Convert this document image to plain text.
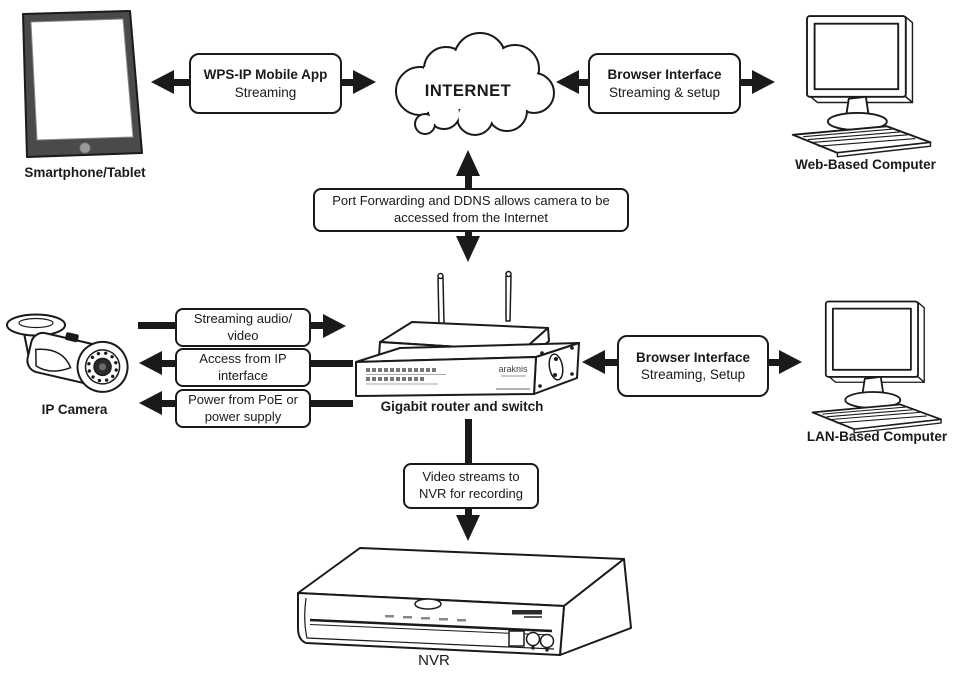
INTERNET
araknis
WPS-IP Mobile App
Streaming
Browser Interface
Streaming & setup
Port Forwarding and DDNS allows camera to be
accessed from the Internet
Streaming audio/
video
Access from IP
interface
Power from PoE or
power supply
Browser Interface
Streaming, Setup
Video streams to
NVR for recording
Smartphone/Tablet
Web-Based Computer
IP Camera	Gigabit router and switch
LAN-Based Computer
NVR
